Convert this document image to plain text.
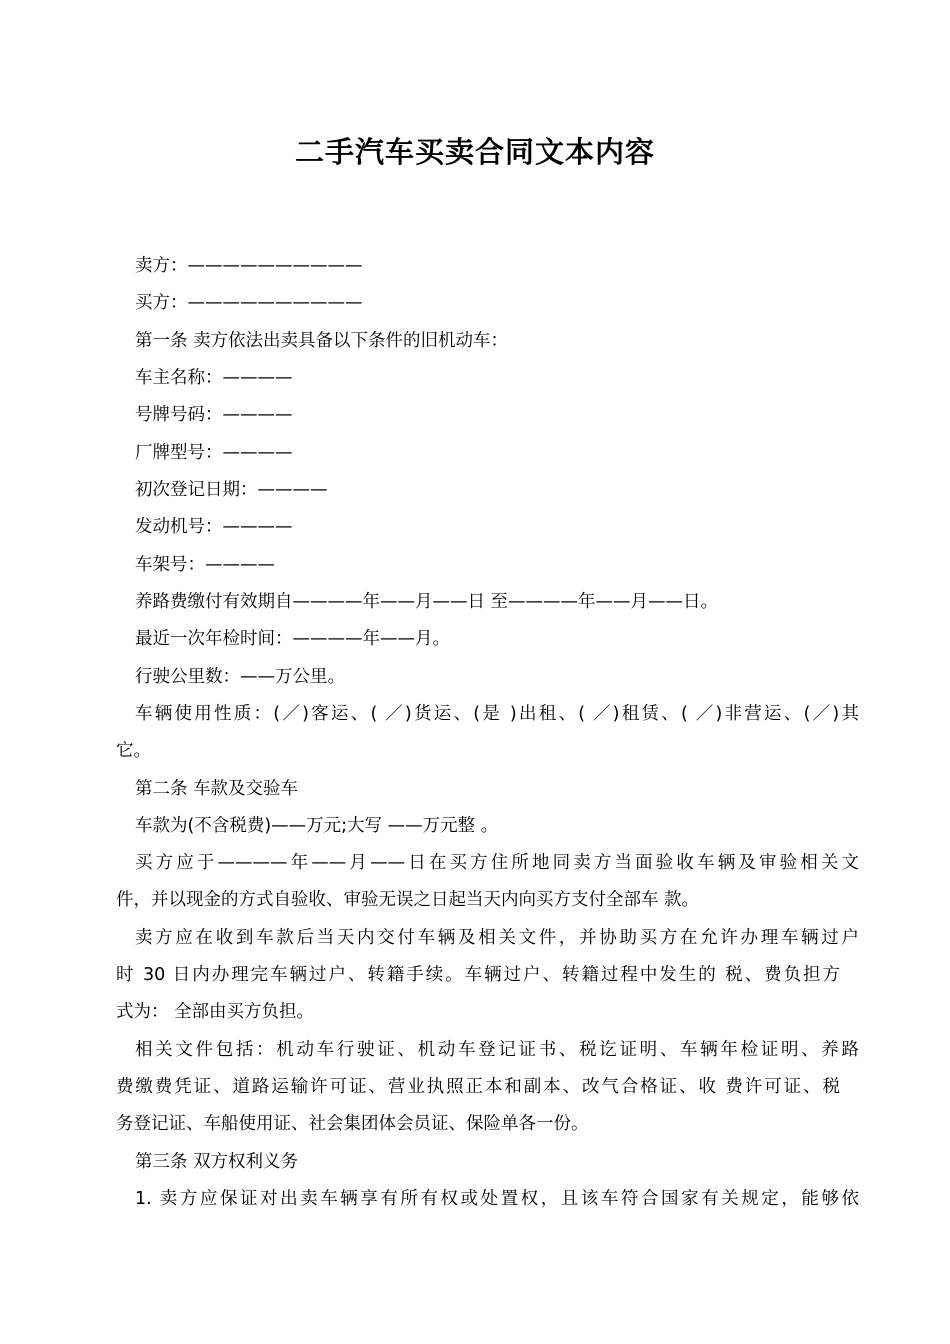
二手汽车买卖合同文本内容
卖方：——————————
买方：——————————
第一条 卖方依法出卖具备以下条件的旧机动车：
车主名称：————
号牌号码：————
厂牌型号：————
初次登记日期：————
发动机号：————
车架号：————
养路费缴付有效期自————年——月——日 至————年——月——日。
最近一次年检时间：————年——月。
行驶公里数：——万公里。
车辆使用性质：(／)客运、( ／)货运、(是 )出租、( ／)租赁、( ／)非营运、(／)其
它。
第二条 车款及交验车
车款为(不含税费)——万元;大写 ——万元整 。
买方应于————年——月——日在买方住所地同卖方当面验收车辆及审验相关文
件，并以现金的方式自验收、审验无误之日起当天内向买方支付全部车 款。
卖方应在收到车款后当天内交付车辆及相关文件，并协助买方在允许办理车辆过户
时 30 日内办理完车辆过户、转籍手续。车辆过户、转籍过程中发生的 税、费负担方
式为： 全部由买方负担。
相关文件包括：机动车行驶证、机动车登记证书、税讫证明、车辆年检证明、养路
费缴费凭证、道路运输许可证、营业执照正本和副本、改气合格证、收 费许可证、税
务登记证、车船使用证、社会集团体会员证、保险单各一份。
第三条 双方权利义务
1. 卖方应保证对出卖车辆享有所有权或处置权，且该车符合国家有关规定，能够依
